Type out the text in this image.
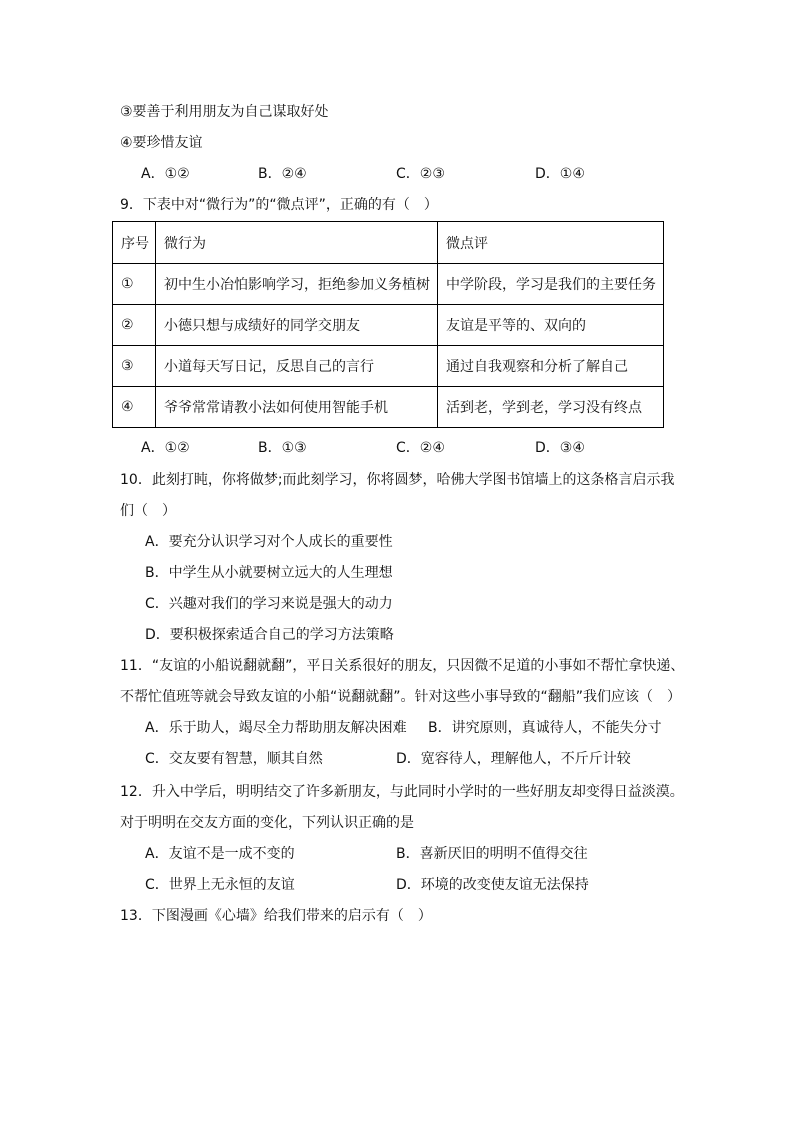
③要善于利用朋友为自己谋取好处
④要珍惜友谊
A．①②	B．②④	C．②③	D．①④
9．下表中对“微行为”的“微点评”，正确的有（　）
序号	微行为	微点评
①	初中生小冶怕影响学习，拒绝参加义务植树	中学阶段，学习是我们的主要任务
②	小德只想与成绩好的同学交朋友	友谊是平等的、双向的
③	小道每天写日记，反思自己的言行	通过自我观察和分析了解自己
④	爷爷常常请教小法如何使用智能手机	活到老，学到老，学习没有终点
A．①②	B．①③	C．②④	D．③④
10．此刻打盹，你将做梦;而此刻学习，你将圆梦，哈佛大学图书馆墙上的这条格言启示我
们（　）
A．要充分认识学习对个人成长的重要性
B．中学生从小就要树立远大的人生理想
C．兴趣对我们的学习来说是强大的动力
D．要积极探索适合自己的学习方法策略
11．“友谊的小船说翻就翻”，平日关系很好的朋友，只因微不足道的小事如不帮忙拿快递、
不帮忙值班等就会导致友谊的小船“说翻就翻”。针对这些小事导致的“翻船”我们应该（　）
A．乐于助人，竭尽全力帮助朋友解决困难 B．讲究原则，真诚待人，不能失分寸
C．交友要有智慧，顺其自然	D．宽容待人，理解他人，不斤斤计较
12．升入中学后，明明结交了许多新朋友，与此同时小学时的一些好朋友却变得日益淡漠。
对于明明在交友方面的变化，下列认识正确的是
A．友谊不是一成不变的	B．喜新厌旧的明明不值得交往
C．世界上无永恒的友谊	D．环境的改变使友谊无法保持
13．下图漫画《心墙》给我们带来的启示有（　）
